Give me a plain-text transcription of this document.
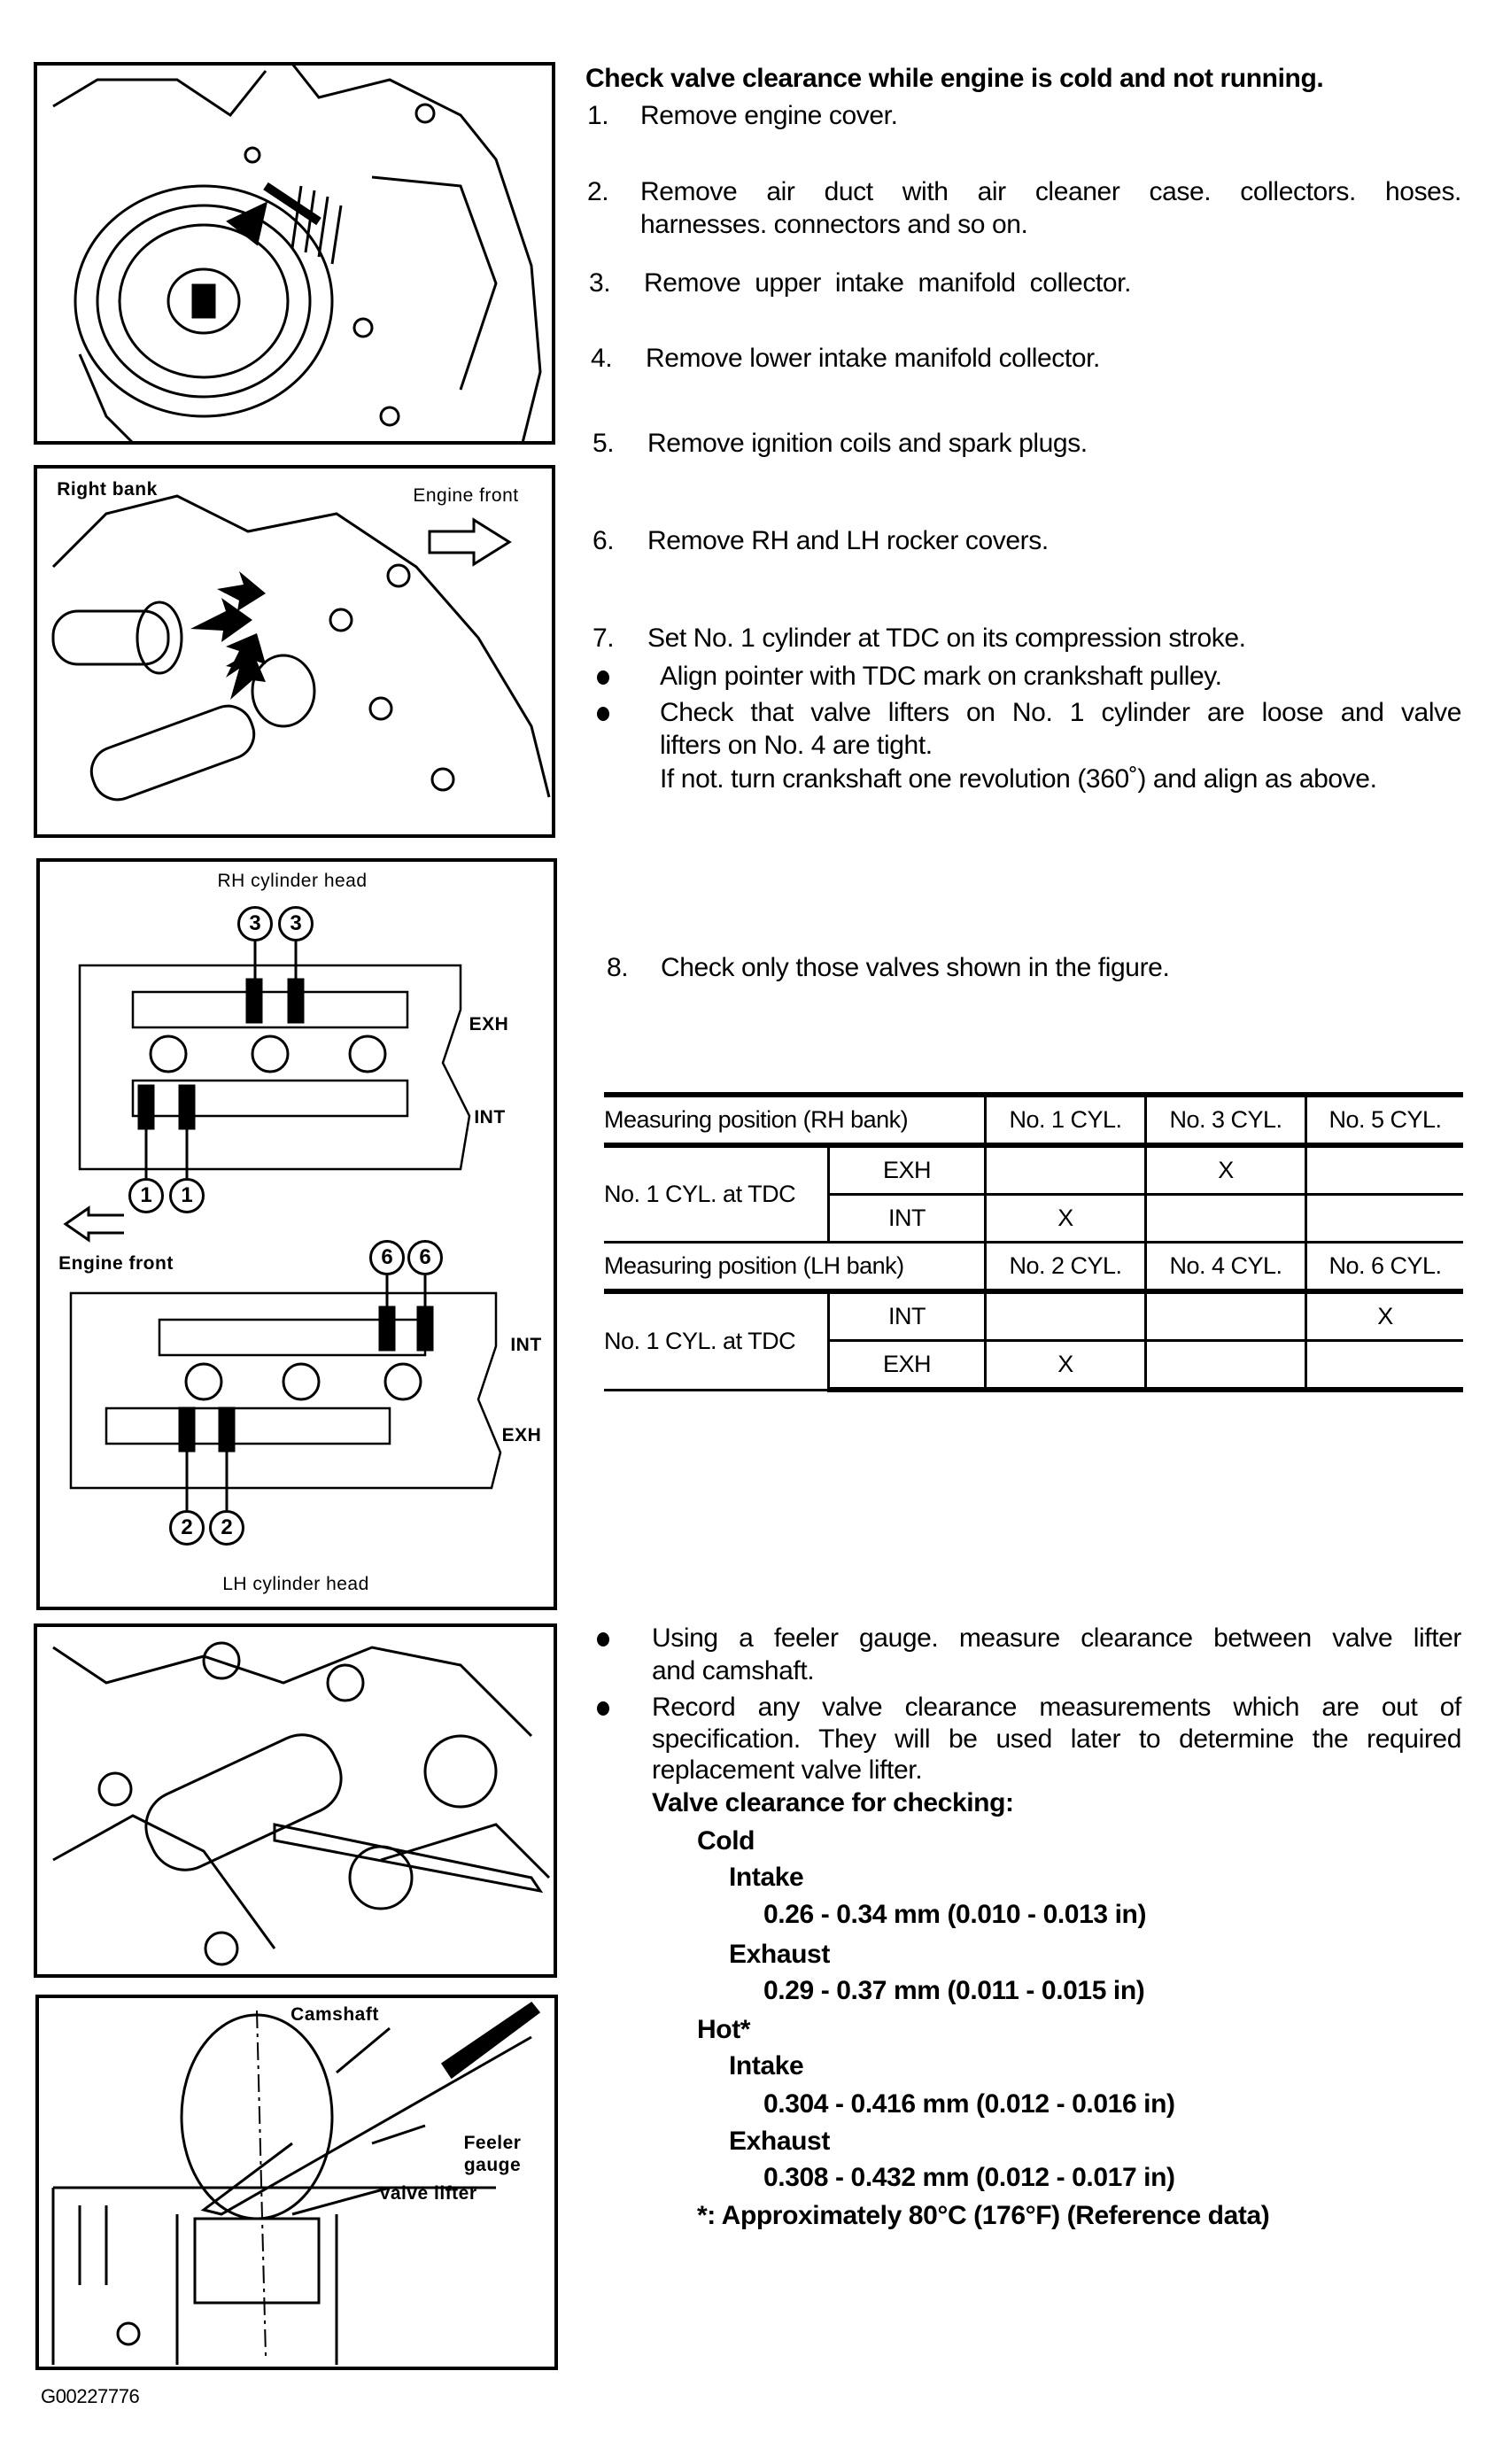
Right bank	Engine front
RH cylinder head
3	3
EXH
INT
1	1
Engine front	6	6
INT
EXH
2	2
LH cylinder head
Camshaft
Feeler
gauge
Valve lifter
G00227776
Check valve clearance while engine is cold and not running.
1. Remove engine cover.
2. Remove air duct with air cleaner case. collectors. hoses.
harnesses. connectors and so on.
3. Remove upper intake manifold collector.
4. Remove lower intake manifold collector.
5. Remove ignition coils and spark plugs.
6. Remove RH and LH rocker covers.
7. Set No. 1 cylinder at TDC on its compression stroke.
Align pointer with TDC mark on crankshaft pulley.
Check that valve lifters on No. 1 cylinder are loose and valve
lifters on No. 4 are tight.
If not. turn crankshaft one revolution (360˚) and align as above.
8. Check only those valves shown in the figure.
Measuring position (RH bank)		No. 1 CYL.	No. 3 CYL.	No. 5 CYL.
No. 1 CYL. at TDC	EXH		X	
	INT	X		
Measuring position (LH bank)		No. 2 CYL.	No. 4 CYL.	No. 6 CYL.
No. 1 CYL. at TDC	INT			X
	EXH	X		
Using a feeler gauge. measure clearance between valve lifter
and camshaft.
Record any valve clearance measurements which are out of
specification. They will be used later to determine the required
replacement valve lifter.
Valve clearance for checking:
Cold
Intake
0.26 - 0.34 mm (0.010 - 0.013 in)
Exhaust
0.29 - 0.37 mm (0.011 - 0.015 in)
Hot*
Intake
0.304 - 0.416 mm (0.012 - 0.016 in)
Exhaust
0.308 - 0.432 mm (0.012 - 0.017 in)
*: Approximately 80°C (176°F) (Reference data)
